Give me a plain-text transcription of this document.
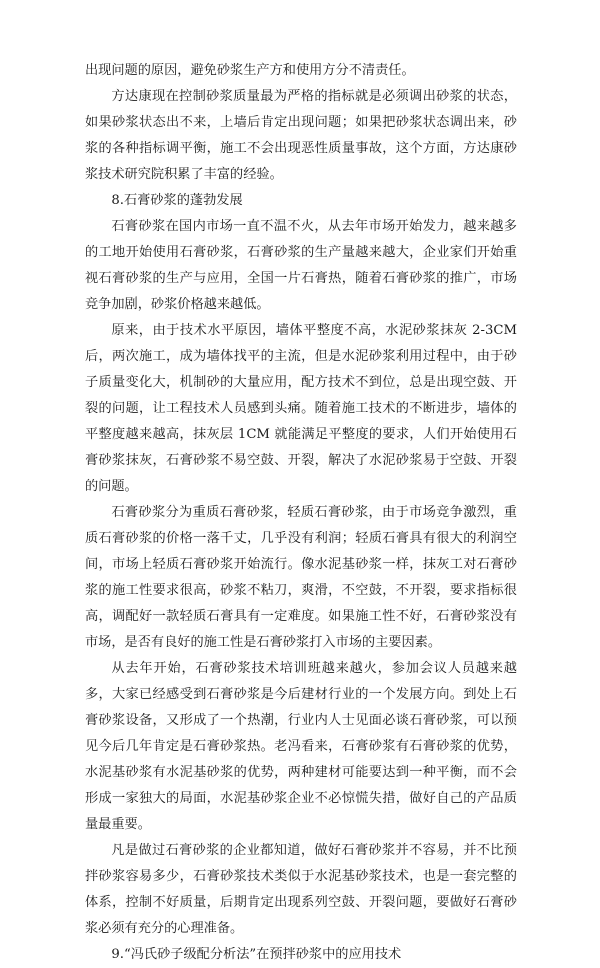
出现问题的原因，避免砂浆生产方和使用方分不清责任。

方达康现在控制砂浆质量最为严格的指标就是必须调出砂浆的状态，如果砂浆状态出不来，上墙后肯定出现问题；如果把砂浆状态调出来，砂浆的各种指标调平衡，施工不会出现恶性质量事故，这个方面，方达康砂浆技术研究院积累了丰富的经验。

8.石膏砂浆的蓬勃发展

石膏砂浆在国内市场一直不温不火，从去年市场开始发力，越来越多的工地开始使用石膏砂浆，石膏砂浆的生产量越来越大，企业家们开始重视石膏砂浆的生产与应用，全国一片石膏热，随着石膏砂浆的推广，市场竞争加剧，砂浆价格越来越低。

原来，由于技术水平原因，墙体平整度不高，水泥砂浆抹灰 2-3CM 后，两次施工，成为墙体找平的主流，但是水泥砂浆利用过程中，由于砂子质量变化大，机制砂的大量应用，配方技术不到位，总是出现空鼓、开裂的问题，让工程技术人员感到头痛。随着施工技术的不断进步，墙体的平整度越来越高，抹灰层 1CM 就能满足平整度的要求，人们开始使用石膏砂浆抹灰，石膏砂浆不易空鼓、开裂，解决了水泥砂浆易于空鼓、开裂的问题。

石膏砂浆分为重质石膏砂浆，轻质石膏砂浆，由于市场竞争激烈，重质石膏砂浆的价格一落千丈，几乎没有利润；轻质石膏具有很大的利润空间，市场上轻质石膏砂浆开始流行。像水泥基砂浆一样，抹灰工对石膏砂浆的施工性要求很高，砂浆不粘刀，爽滑，不空鼓，不开裂，要求指标很高，调配好一款轻质石膏具有一定难度。如果施工性不好，石膏砂浆没有市场，是否有良好的施工性是石膏砂浆打入市场的主要因素。

从去年开始，石膏砂浆技术培训班越来越火，参加会议人员越来越多，大家已经感受到石膏砂浆是今后建材行业的一个发展方向。到处上石膏砂浆设备，又形成了一个热潮，行业内人士见面必谈石膏砂浆，可以预见今后几年肯定是石膏砂浆热。老冯看来，石膏砂浆有石膏砂浆的优势，水泥基砂浆有水泥基砂浆的优势，两种建材可能要达到一种平衡，而不会形成一家独大的局面，水泥基砂浆企业不必惊慌失措，做好自己的产品质量最重要。

凡是做过石膏砂浆的企业都知道，做好石膏砂浆并不容易，并不比预拌砂浆容易多少，石膏砂浆技术类似于水泥基砂浆技术，也是一套完整的体系，控制不好质量，后期肯定出现系列空鼓、开裂问题，要做好石膏砂浆必须有充分的心理准备。

9.“冯氏砂子级配分析法”在预拌砂浆中的应用技术
